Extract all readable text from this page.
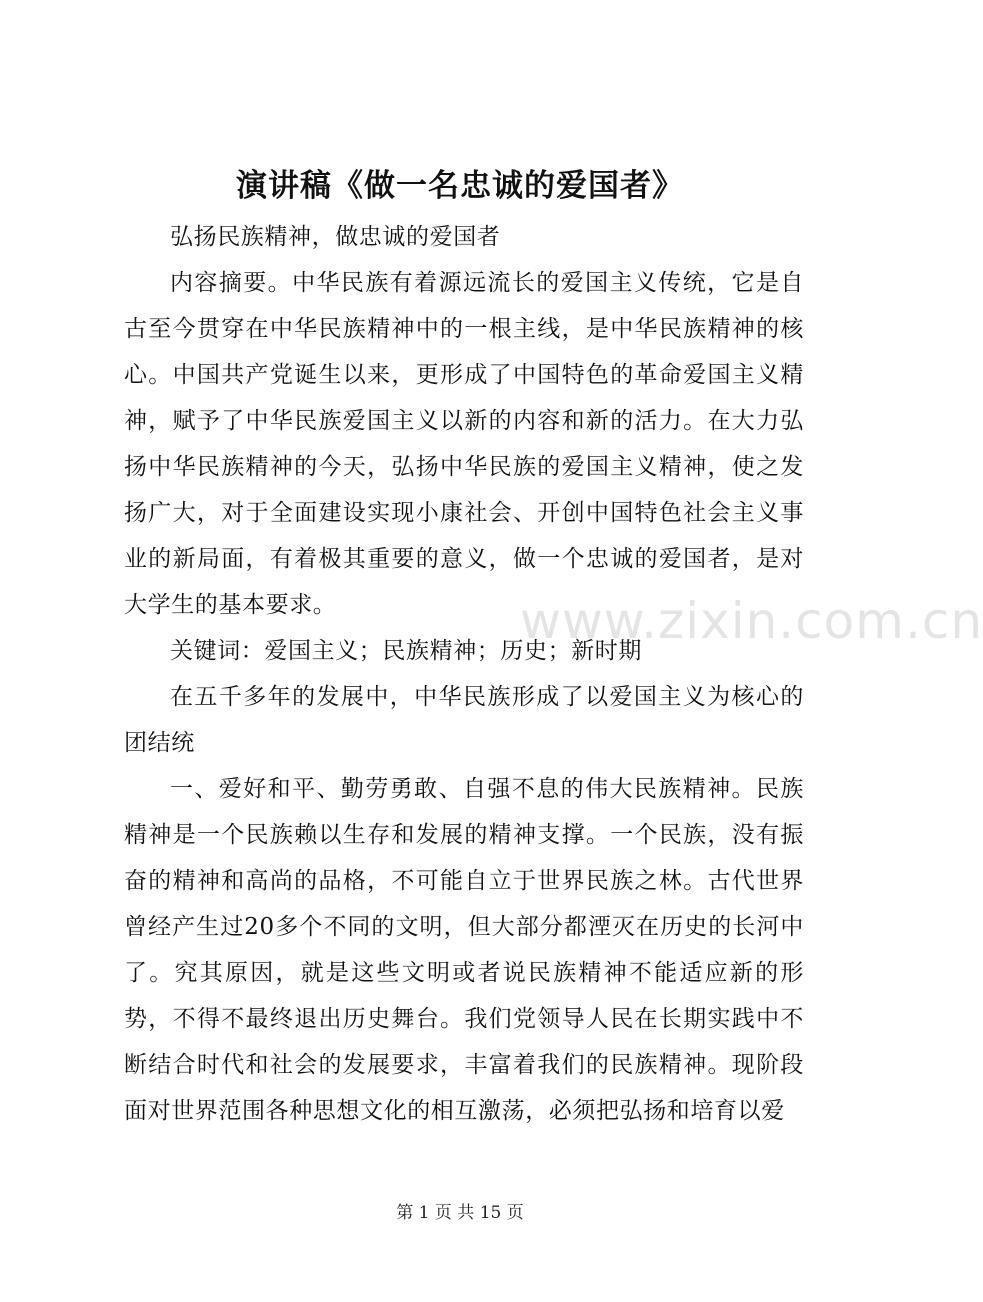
演讲稿《做一名忠诚的爱国者》

弘扬民族精神，做忠诚的爱国者

内容摘要。中华民族有着源远流长的爱国主义传统，它是自古至今贯穿在中华民族精神中的一根主线，是中华民族精神的核心。中国共产党诞生以来，更形成了中国特色的革命爱国主义精神，赋予了中华民族爱国主义以新的内容和新的活力。在大力弘扬中华民族精神的今天，弘扬中华民族的爱国主义精神，使之发扬广大，对于全面建设实现小康社会、开创中国特色社会主义事业的新局面，有着极其重要的意义，做一个忠诚的爱国者，是对大学生的基本要求。

关键词：爱国主义；民族精神；历史；新时期

在五千多年的发展中，中华民族形成了以爱国主义为核心的团结统

一、爱好和平、勤劳勇敢、自强不息的伟大民族精神。民族精神是一个民族赖以生存和发展的精神支撑。一个民族，没有振奋的精神和高尚的品格，不可能自立于世界民族之林。古代世界曾经产生过20多个不同的文明，但大部分都湮灭在历史的长河中了。究其原因，就是这些文明或者说民族精神不能适应新的形势，不得不最终退出历史舞台。我们党领导人民在长期实践中不断结合时代和社会的发展要求，丰富着我们的民族精神。现阶段面对世界范围各种思想文化的相互激荡，必须把弘扬和培育以爱

www.zixin.com.cn
第 1 页 共 15 页
